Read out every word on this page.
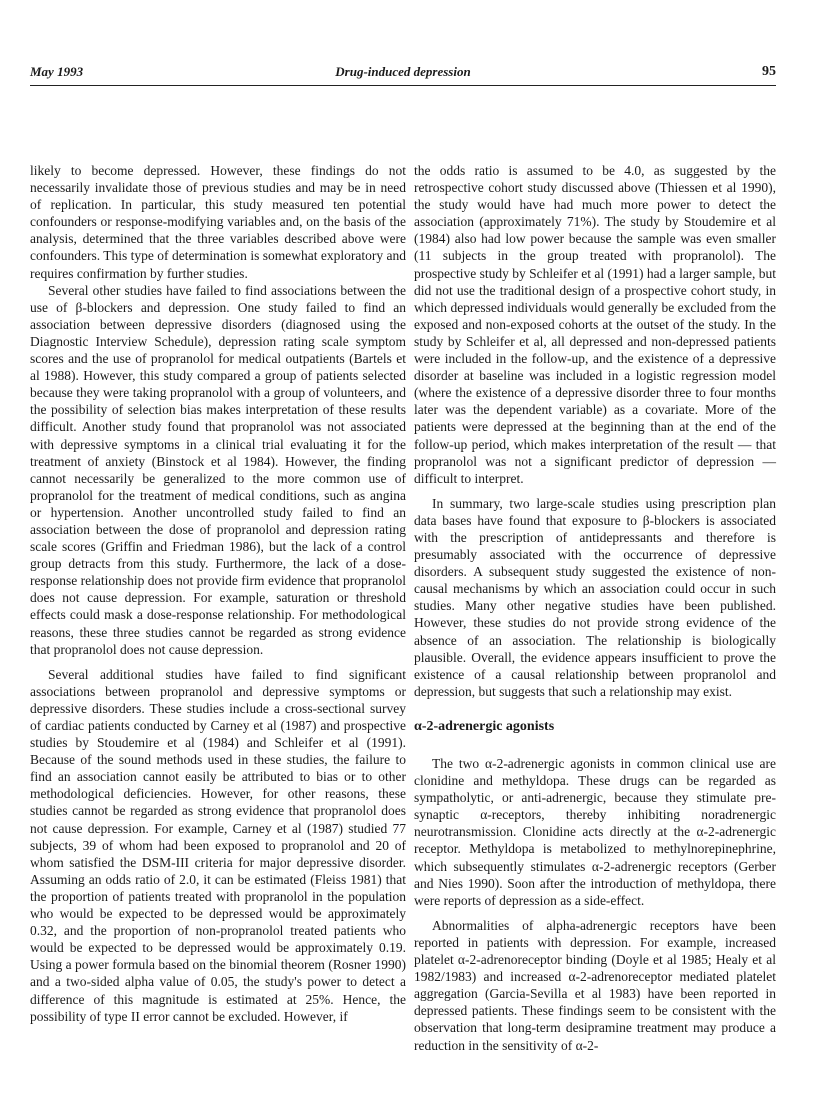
May 1993	Drug-induced depression	95

likely to become depressed. However, these findings do not necessarily invalidate those of previous studies and may be in need of replication. In particular, this study measured ten potential confounders or response-modifying variables and, on the basis of the analysis, determined that the three variables described above were confounders. This type of determination is somewhat exploratory and requires confirmation by further studies.

Several other studies have failed to find associations between the use of β-blockers and depression. One study failed to find an association between depressive disorders (diagnosed using the Diagnostic Interview Schedule), depression rating scale symptom scores and the use of propranolol for medical outpatients (Bartels et al 1988). However, this study compared a group of patients selected because they were taking propranolol with a group of volunteers, and the possibility of selection bias makes interpretation of these results difficult. Another study found that propranolol was not associated with depressive symptoms in a clinical trial evaluating it for the treatment of anxiety (Binstock et al 1984). However, the finding cannot necessarily be generalized to the more common use of propranolol for the treatment of medical conditions, such as angina or hypertension. Another uncontrolled study failed to find an association between the dose of propranolol and depression rating scale scores (Griffin and Friedman 1986), but the lack of a control group detracts from this study. Furthermore, the lack of a dose-response relationship does not provide firm evidence that propranolol does not cause depression. For example, saturation or threshold effects could mask a dose-response relationship. For methodological reasons, these three studies cannot be regarded as strong evidence that propranolol does not cause depression.

Several additional studies have failed to find significant associations between propranolol and depressive symptoms or depressive disorders. These studies include a cross-sectional survey of cardiac patients conducted by Carney et al (1987) and prospective studies by Stoudemire et al (1984) and Schleifer et al (1991). Because of the sound methods used in these studies, the failure to find an association cannot easily be attributed to bias or to other methodological deficiencies. However, for other reasons, these studies cannot be regarded as strong evidence that propranolol does not cause depression. For example, Carney et al (1987) studied 77 subjects, 39 of whom had been exposed to propranolol and 20 of whom satisfied the DSM-III criteria for major depressive disorder. Assuming an odds ratio of 2.0, it can be estimated (Fleiss 1981) that the proportion of patients treated with propranolol in the population who would be expected to be depressed would be approximately 0.32, and the proportion of non-propranolol treated patients who would be expected to be depressed would be approximately 0.19. Using a power formula based on the binomial theorem (Rosner 1990) and a two-sided alpha value of 0.05, the study's power to detect a difference of this magnitude is estimated at 25%. Hence, the possibility of type II error cannot be excluded. However, if

the odds ratio is assumed to be 4.0, as suggested by the retrospective cohort study discussed above (Thiessen et al 1990), the study would have had much more power to detect the association (approximately 71%). The study by Stoudemire et al (1984) also had low power because the sample was even smaller (11 subjects in the group treated with propranolol). The prospective study by Schleifer et al (1991) had a larger sample, but did not use the traditional design of a prospective cohort study, in which depressed individuals would generally be excluded from the exposed and non-exposed cohorts at the outset of the study. In the study by Schleifer et al, all depressed and non-depressed patients were included in the follow-up, and the existence of a depressive disorder at baseline was included in a logistic regression model (where the existence of a depressive disorder three to four months later was the dependent variable) as a covariate. More of the patients were depressed at the beginning than at the end of the follow-up period, which makes interpretation of the result — that propranolol was not a significant predictor of depression — difficult to interpret.

In summary, two large-scale studies using prescription plan data bases have found that exposure to β-blockers is associated with the prescription of antidepressants and therefore is presumably associated with the occurrence of depressive disorders. A subsequent study suggested the existence of non-causal mechanisms by which an association could occur in such studies. Many other negative studies have been published. However, these studies do not provide strong evidence of the absence of an association. The relationship is biologically plausible. Overall, the evidence appears insufficient to prove the existence of a causal relationship between propranolol and depression, but suggests that such a relationship may exist.

α-2-adrenergic agonists

The two α-2-adrenergic agonists in common clinical use are clonidine and methyldopa. These drugs can be regarded as sympatholytic, or anti-adrenergic, because they stimulate pre-synaptic α-receptors, thereby inhibiting noradrenergic neurotransmission. Clonidine acts directly at the α-2-adrenergic receptor. Methyldopa is metabolized to methylnorepinephrine, which subsequently stimulates α-2-adrenergic receptors (Gerber and Nies 1990). Soon after the introduction of methyldopa, there were reports of depression as a side-effect.

Abnormalities of alpha-adrenergic receptors have been reported in patients with depression. For example, increased platelet α-2-adrenoreceptor binding (Doyle et al 1985; Healy et al 1982/1983) and increased α-2-adrenoreceptor mediated platelet aggregation (Garcia-Sevilla et al 1983) have been reported in depressed patients. These findings seem to be consistent with the observation that long-term desipramine treatment may produce a reduction in the sensitivity of α-2-
